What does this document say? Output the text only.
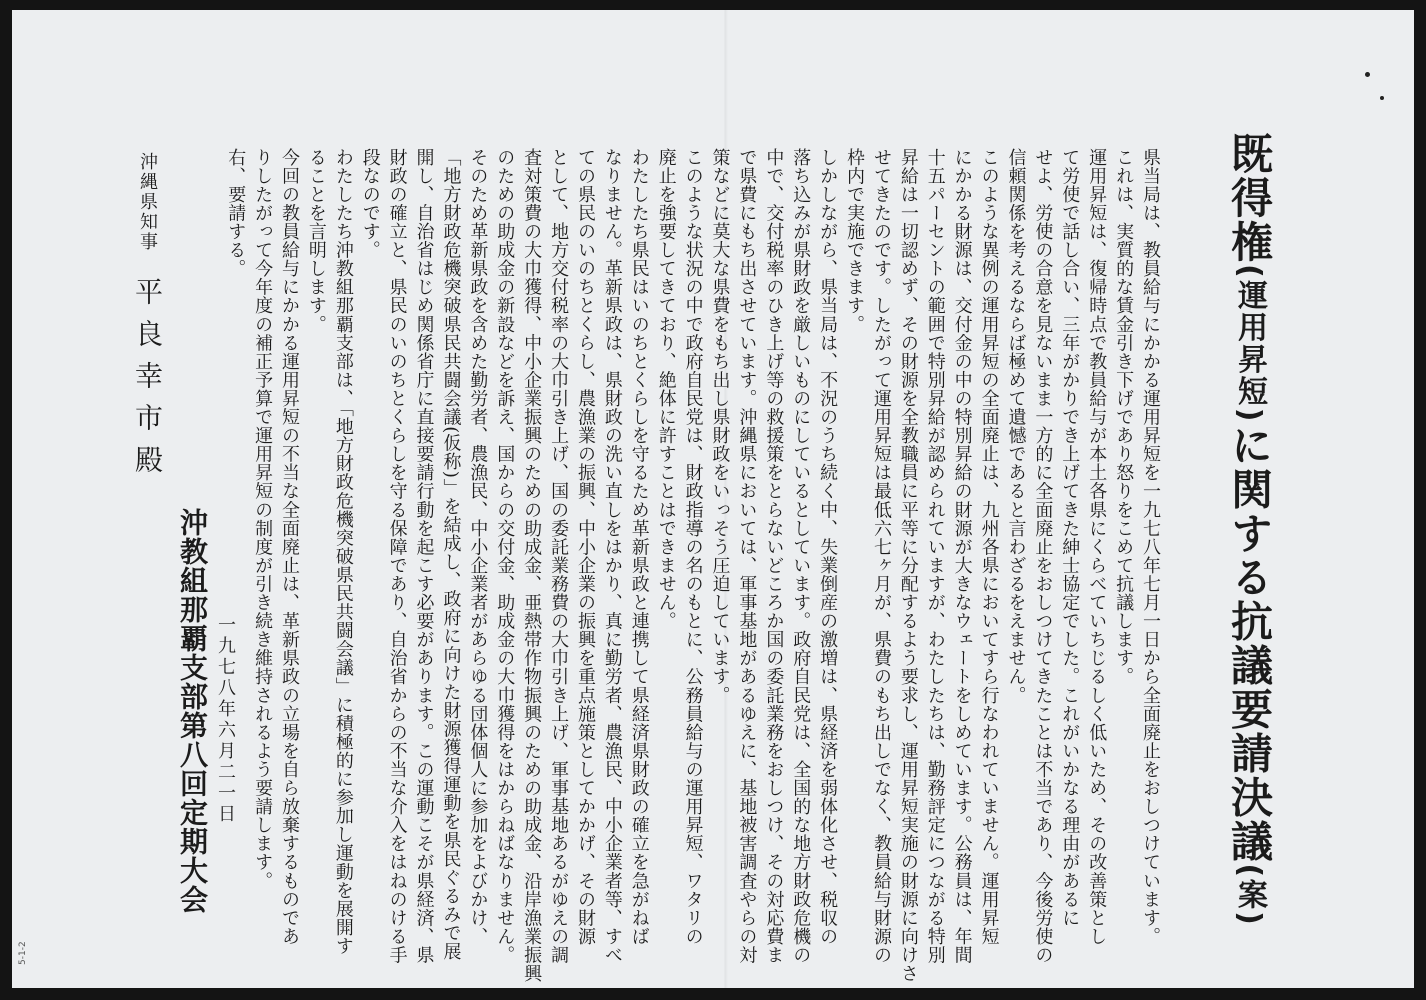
既得権(運用昇短)に関する抗議要請決議(案)
県当局は、教員給与にかかる運用昇短を一九七八年七月一日から全面廃止をおしつけています。
これは、実質的な賃金引き下げであり怒りをこめて抗議します。
運用昇短は、復帰時点で教員給与が本土各県にくらべていちじるしく低いため、その改善策とし
て労使で話し合い、三年がかりでき上げてきた紳士協定でした。これがいかなる理由があるに
せよ、労使の合意を見ないまま一方的に全面廃止をおしつけてきたことは不当であり、今後労使の
信頼関係を考えるならば極めて遺憾であると言わざるをえません。
このような異例の運用昇短の全面廃止は、九州各県においてすら行なわれていません。運用昇短
にかかる財源は、交付金の中の特別昇給の財源が大きなウェートをしめています。公務員は、年間
十五パーセントの範囲で特別昇給が認められていますが、わたしたちは、勤務評定につながる特別
昇給は一切認めず、その財源を全教職員に平等に分配するよう要求し、運用昇短実施の財源に向けさ
せてきたのです。したがって運用昇短は最低六七ヶ月が、県費のもち出しでなく、教員給与財源の
枠内で実施できます。
しかしながら、県当局は、不況のうち続く中、失業倒産の激増は、県経済を弱体化させ、税収の
落ち込みが県財政を厳しいものにしているとしています。政府自民党は、全国的な地方財政危機の
中で、交付税率のひき上げ等の救援策をとらないどころか国の委託業務をおしつけ、その対応費ま
で県費にもち出させています。沖縄県においては、軍事基地があるゆえに、基地被害調査やらの対
策などに莫大な県費をもち出し県財政をいっそう圧迫しています。
このような状況の中で政府自民党は、財政指導の名のもとに、公務員給与の運用昇短、ワタリの
廃止を強要してきており、絶体に許すことはできません。
わたしたち県民はいのちとくらしを守るため革新県政と連携して県経済県財政の確立を急がねば
なりません。革新県政は、県財政の洗い直しをはかり、真に勤労者、農漁民、中小企業者等、すべ
ての県民のいのちとくらし、農漁業の振興、中小企業の振興を重点施策としてかかげ、その財源
として、地方交付税率の大巾引き上げ、国の委託業務費の大巾引き上げ、軍事基地あるがゆえの調
査対策費の大巾獲得、中小企業振興のための助成金、亜熱帯作物振興のための助成金、沿岸漁業振興
のための助成金の新設などを訴え、国からの交付金、助成金の大巾獲得をはからねばなりません。
そのため革新県政を含めた勤労者、農漁民、中小企業者があらゆる団体個人に参加をよびかけ、
「地方財政危機突破県民共闘会議(仮称)」を結成し、政府に向けた財源獲得運動を県民ぐるみで展
開し、自治省はじめ関係省庁に直接要請行動を起こす必要があります。この運動こそが県経済、県
財政の確立と、県民のいのちとくらしを守る保障であり、自治省からの不当な介入をはねのける手
段なのです。
わたしたち沖教組那覇支部は、「地方財政危機突破県民共闘会議」に積極的に参加し運動を展開す
ることを言明します。
今回の教員給与にかかる運用昇短の不当な全面廃止は、革新県政の立場を自ら放棄するものであ
りしたがって今年度の補正予算で運用昇短の制度が引き続き維持されるよう要請します。
右、要請する。
一九七八年六月二一日
沖教組那覇支部第八回定期大会
沖縄県知事  平良幸市殿
5-1-2
